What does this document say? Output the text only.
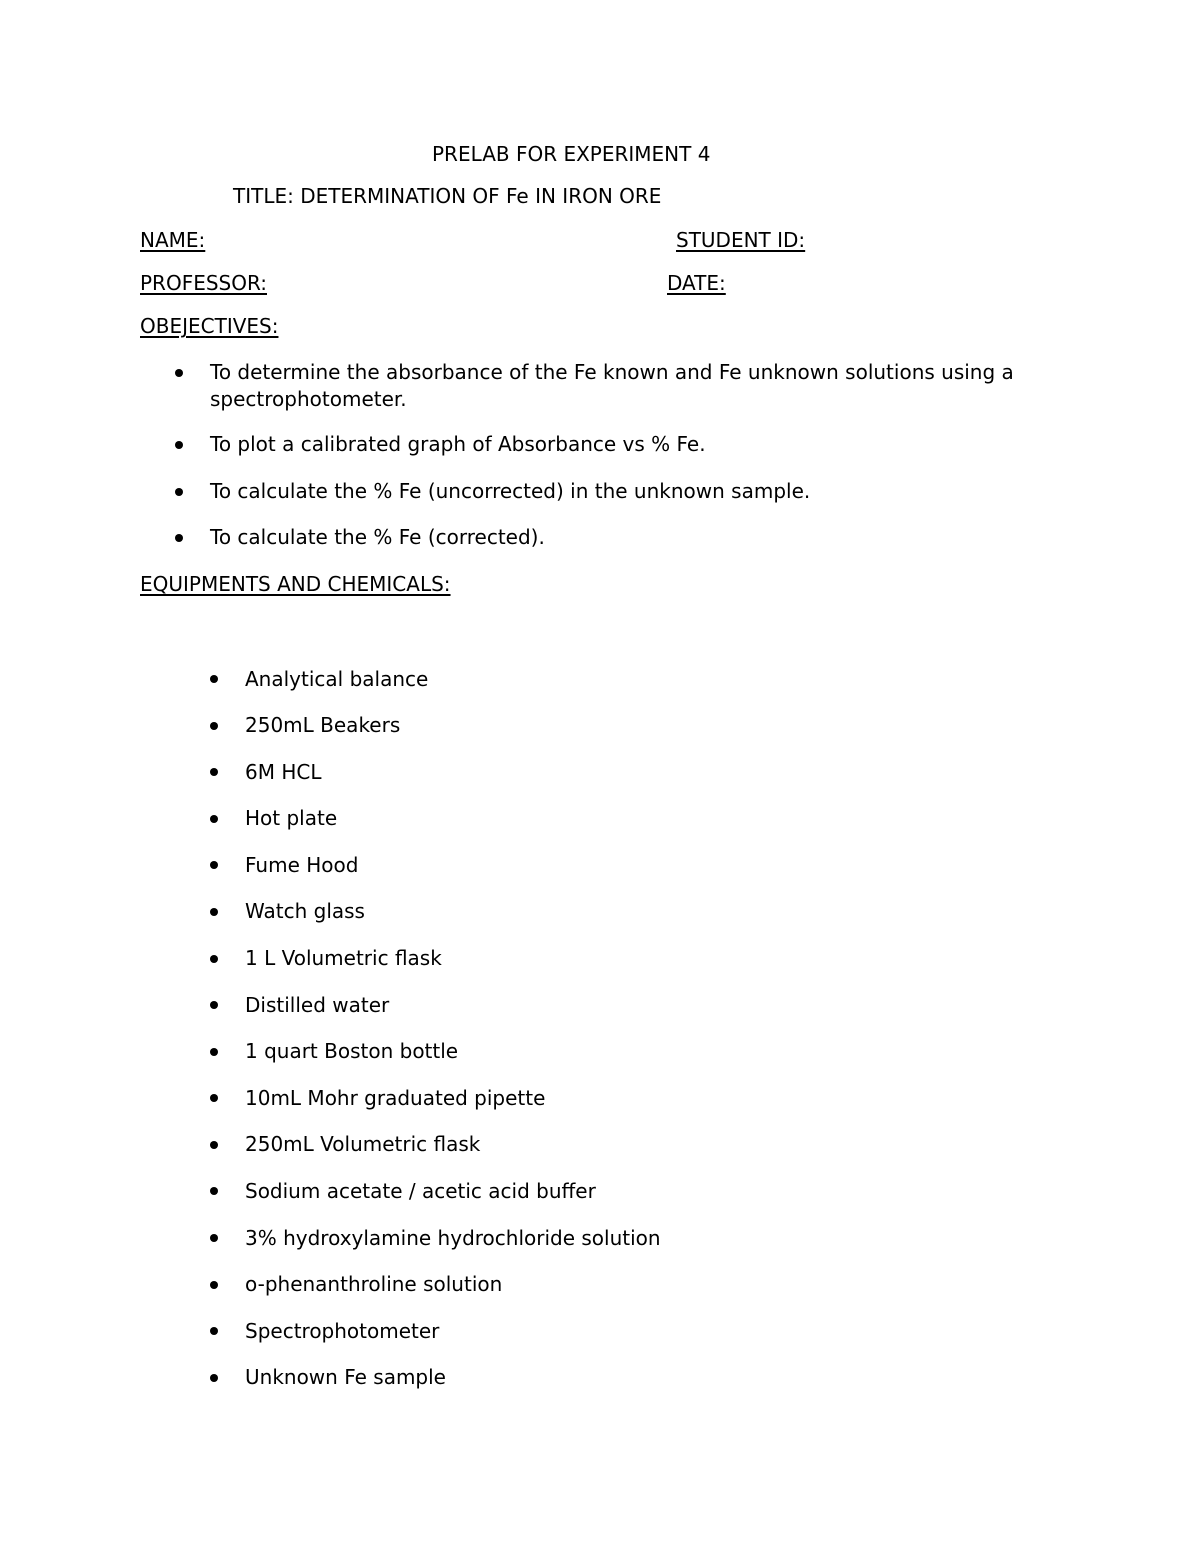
PRELAB FOR EXPERIMENT 4
TITLE: DETERMINATION OF Fe IN IRON ORE
NAME:	STUDENT ID:
PROFESSOR:	DATE:
OBEJECTIVES:
To determine the absorbance of the Fe known and Fe unknown solutions using a spectrophotometer.
To plot a calibrated graph of Absorbance vs % Fe.
To calculate the % Fe (uncorrected) in the unknown sample.
To calculate the % Fe (corrected).
EQUIPMENTS AND CHEMICALS:
Analytical balance
250mL Beakers
6M HCL
Hot plate
Fume Hood
Watch glass
1 L Volumetric flask
Distilled water
1 quart Boston bottle
10mL Mohr graduated pipette
250mL Volumetric flask
Sodium acetate / acetic acid buffer
3% hydroxylamine hydrochloride solution
o-phenanthroline solution
Spectrophotometer
Unknown Fe sample
